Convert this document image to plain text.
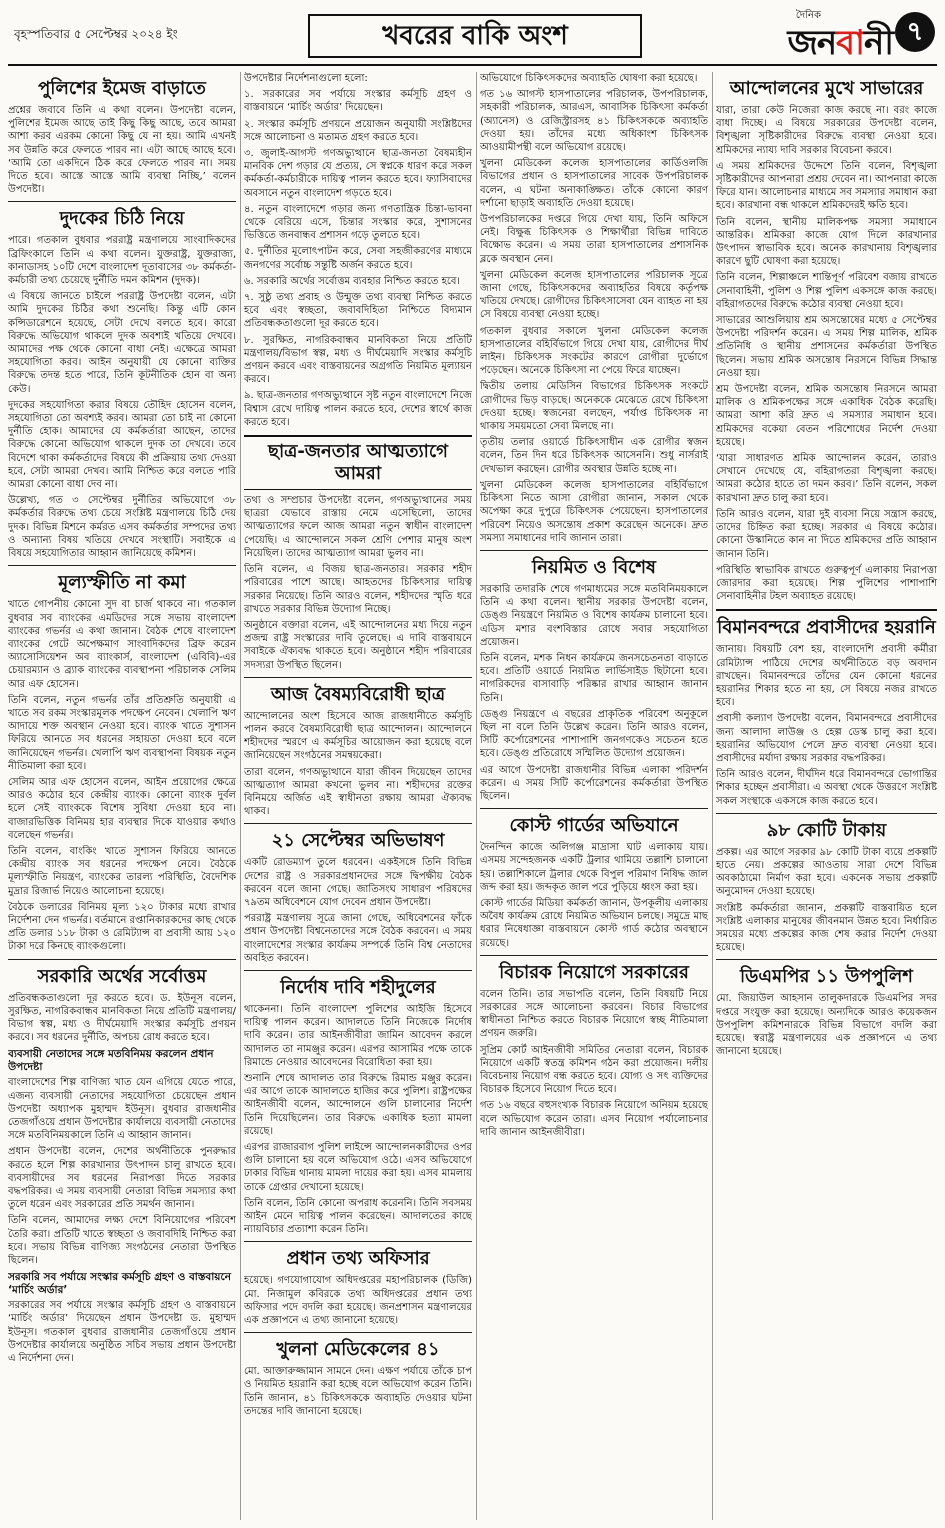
বৃহস্পতিবার ৫ সেপ্টেম্বর ২০২৪ ইং	খবরের বাকি অংশ
দৈনিক
জনবানী ৭
পুলিশের ইমেজ বাড়াতে

প্রশ্নের জবাবে তিনি এ কথা বলেন। উপদেষ্টা বলেন, পুলিশের ইমেজ আছে তাই কিছু কিছু আছে, তবে আমরা আশা করব এরকম কোনো কিছু যে না হয়। আমি এখনই সব উন্নতি করে ফেলতে পারব না। এটা আছে আছে হবে। ‘আমি তো একদিনে ঠিক করে ফেলতে পারব না। সময় দিতে হবে। আস্তে আস্তে আমি ব্যবস্থা নিচ্ছি,’ বলেন উপদেষ্টা।

দুদকের চিঠি নিয়ে

পারে। গতকাল বুধবার পররাষ্ট্র মন্ত্রণালয়ে সাংবাদিকদের ব্রিফিংকালে তিনি এ কথা বলেন। যুক্তরাষ্ট্র, যুক্তরাজ্য, কানাডাসহ ১০টি দেশে বাংলাদেশ দূতাবাসের ৩৮ কর্মকর্তা-কর্মচারী তথ্য চেয়েছে দুর্নীতি দমন কমিশন (দুদক)।

এ বিষয়ে জানতে চাইলে পররাষ্ট্র উপদেষ্টা বলেন, এটা আমি দুদকের চিঠির কথা শুনেছি। কিন্তু এটি কোন কন্সিডারেশনে হয়েছে, সেটা দেখে বলতে হবে। কারো বিরুদ্ধে অভিযোগ থাকলে দুদক অবশ্যই খতিয়ে দেখবে। আমাদের পক্ষ থেকে কোনো বাধা নেই। এক্ষেত্রে আমরা সহযোগিতা করব। আইন অনুযায়ী যে কোনো ব্যক্তির বিরুদ্ধে তদন্ত হতে পারে, তিনি কূটনীতিক হোন বা অন্য কেউ।

দুদকের সহযোগিতা করার বিষয়ে তৌহিদ হোসেন বলেন, সহযোগিতা তো অবশ্যই করব। আমরা তো চাই না কোনো দুর্নীতি হোক। আমাদের যে কর্মকর্তারা আছেন, তাদের বিরুদ্ধে কোনো অভিযোগ থাকলে দুদক তা দেখবে। তবে বিদেশে থাকা কর্মকর্তাদের বিষয়ে কী প্রক্রিয়ায় তথ্য দেওয়া হবে, সেটা আমরা দেখব। আমি নিশ্চিত করে বলতে পারি আমরা কোনো বাধা দেব না।

উল্লেখ্য, গত ৩ সেপ্টেম্বর দুর্নীতির অভিযোগে ৩৮ কর্মকর্তার বিরুদ্ধে তথ্য চেয়ে সংশ্লিষ্ট মন্ত্রণালয়ে চিঠি দেয় দুদক। বিভিন্ন মিশনে কর্মরত এসব কর্মকর্তার সম্পদের তথ্য ও অন্যান্য বিষয় খতিয়ে দেখবে সংস্থাটি। সবাইকে এ বিষয়ে সহযোগিতার আহ্বান জানিয়েছে কমিশন।

মূল্যস্ফীতি না কমা

খাতে গোপনীয় কোনো সুদ বা চার্জ থাকবে না। গতকাল বুধবার সব ব্যাংকের এমডিদের সঙ্গে সভায় বাংলাদেশ ব্যাংকের গভর্নর এ কথা জানান। বৈঠক শেষে বাংলাদেশ ব্যাংকের গেটে অপেক্ষমাণ সাংবাদিকদের ব্রিফ করেন অ্যাসোসিয়েশন অব ব্যাংকার্স, বাংলাদেশ (এবিবি)-এর চেয়ারম্যান ও ব্র্যাক ব্যাংকের ব্যবস্থাপনা পরিচালক সেলিম আর এফ হোসেন।

তিনি বলেন, নতুন গভর্নর তাঁর প্রতিশ্রুতি অনুযায়ী এ খাতে সব রকম সংস্কারমূলক পদক্ষেপ নেবেন। খেলাপি ঋণ আদায়ে শক্ত অবস্থান নেওয়া হবে। ব্যাংক খাতে সুশাসন ফিরিয়ে আনতে সব ধরনের সহায়তা দেওয়া হবে বলে জানিয়েছেন গভর্নর। খেলাপি ঋণ ব্যবস্থাপনা বিষয়ক নতুন নীতিমালা করা হবে।

সেলিম আর এফ হোসেন বলেন, আইন প্রয়োগের ক্ষেত্রে আরও কঠোর হবে কেন্দ্রীয় ব্যাংক। কোনো ব্যাংক দুর্বল হলে সেই ব্যাংককে বিশেষ সুবিধা দেওয়া হবে না। বাজারভিত্তিক বিনিময় হার ব্যবস্থার দিকে যাওয়ার কথাও বলেছেন গভর্নর।

তিনি বলেন, বাংকিং খাতে সুশাসন ফিরিয়ে আনতে কেন্দ্রীয় ব্যাংক সব ধরনের পদক্ষেপ নেবে। বৈঠকে মূল্যস্ফীতি নিয়ন্ত্রণ, ব্যাংকের তারল্য পরিস্থিতি, বৈদেশিক মুদ্রার রিজার্ভ নিয়েও আলোচনা হয়েছে।

বৈঠকে ডলারের বিনিময় মূল্য ১২০ টাকার মধ্যে রাখার নির্দেশনা দেন গভর্নর। বর্তমানে রপ্তানিকারকদের কাছ থেকে প্রতি ডলার ১১৮ টাকা ও রেমিট্যান্স বা প্রবাসী আয় ১২০ টাকা দরে কিনছে ব্যাংকগুলো।

সরকারি অর্থের সর্বোত্তম

প্রতিবন্ধকতাগুলো দূর করতে হবে। ড. ইউনূস বলেন, সুরক্ষিত, নাগরিকবান্ধব মানবিকতা নিয়ে প্রতিটি মন্ত্রণালয়/বিভাগ স্বল্প, মধ্য ও দীর্ঘমেয়াদি সংস্কার কর্মসূচি প্রণয়ন করবে। সব ধরনের দুর্নীতি, অপচয় রোধ করতে হবে।

ব্যবসায়ী নেতাদের সঙ্গে মতবিনিময় করলেন প্রধান উপদেষ্টা

বাংলাদেশের শিল্প বাণিজ্য খাত যেন এগিয়ে যেতে পারে, এজন্য ব্যবসায়ী নেতাদের সহযোগিতা চেয়েছেন প্রধান উপদেষ্টা অধ্যাপক মুহাম্মদ ইউনূস। বুধবার রাজধানীর তেজগাঁওয়ে প্রধান উপদেষ্টার কার্যালয়ে ব্যবসায়ী নেতাদের সঙ্গে মতবিনিময়কালে তিনি এ আহ্বান জানান।

প্রধান উপদেষ্টা বলেন, দেশের অর্থনীতিকে পুনরুদ্ধার করতে হলে শিল্প কারখানার উৎপাদন চালু রাখতে হবে। ব্যবসায়ীদের সব ধরনের নিরাপত্তা দিতে সরকার বদ্ধপরিকর। এ সময় ব্যবসায়ী নেতারা বিভিন্ন সমস্যার কথা তুলে ধরেন এবং সরকারের প্রতি সমর্থন জানান।

তিনি বলেন, আমাদের লক্ষ্য দেশে বিনিয়োগের পরিবেশ তৈরি করা। প্রতিটি খাতে স্বচ্ছতা ও জবাবদিহি নিশ্চিত করা হবে। সভায় বিভিন্ন বাণিজ্য সংগঠনের নেতারা উপস্থিত ছিলেন।

সরকারি সব পর্যায়ে সংস্কার কর্মসূচি গ্রহণ ও বাস্তবায়নে ‘মার্চিং অর্ডার’

সরকারের সব পর্যায়ে সংস্কার কর্মসূচি গ্রহণ ও বাস্তবায়নে ‘মার্চিং অর্ডার’ দিয়েছেন প্রধান উপদেষ্টা ড. মুহাম্মদ ইউনূস। গতকাল বুধবার রাজধানীর তেজগাঁওয়ে প্রধান উপদেষ্টার কার্যালয়ে অনুষ্ঠিত সচিব সভায় প্রধান উপদেষ্টা এ নির্দেশনা দেন।

উপদেষ্টার নির্দেশনাগুলো হলো:

১. সরকারের সব পর্যায়ে সংস্কার কর্মসূচি গ্রহণ ও বাস্তবায়নে ‘মার্চিং অর্ডার’ দিয়েছেন।

২. সংস্কার কর্মসূচি প্রণয়নে প্রয়োজন অনুযায়ী সংশ্লিষ্টদের সঙ্গে আলোচনা ও মতামত গ্রহণ করতে হবে।

৩. জুলাই-আগস্ট গণঅভ্যুত্থানে ছাত্র-জনতা বৈষম্যহীন মানবিক দেশ গড়ার যে প্রত্যয়, সে স্বপ্নকে ধারণ করে সকল কর্মকর্তা-কর্মচারীকে দায়িত্ব পালন করতে হবে। ফ্যাসিবাদের অবসানে নতুন বাংলাদেশ গড়তে হবে।

৪. নতুন বাংলাদেশে গড়ার জন্য গণতান্ত্রিক চিন্তা-ভাবনা থেকে বেরিয়ে এসে, চিন্তার সংস্কার করে, সুশাসনের ভিত্তিতে জনবান্ধব প্রশাসন গড়ে তুলতে হবে।

৫. দুর্নীতির মূলোৎপাটন করে, সেবা সহজীকরণের মাধ্যমে জনগণের সর্বোচ্চ সন্তুষ্টি অর্জন করতে হবে।

৬. সরকারি অর্থের সর্বোত্তম ব্যবহার নিশ্চিত করতে হবে।

৭. সুষ্ঠু তথ্য প্রবাহ ও উন্মুক্ত তথ্য ব্যবস্থা নিশ্চিত করতে হবে এবং স্বচ্ছতা, জবাবদিহিতা নিশ্চিতে বিদ্যমান প্রতিবন্ধকতাগুলো দূর করতে হবে।

৮. সুরক্ষিত, নাগরিকবান্ধব মানবিকতা নিয়ে প্রতিটি মন্ত্রণালয়/বিভাগ স্বল্প, মধ্য ও দীর্ঘমেয়াদি সংস্কার কর্মসূচি প্রণয়ন করবে এবং বাস্তবায়নের অগ্রগতি নিয়মিত মূল্যায়ন করবে।

৯. ছাত্র-জনতার গণঅভ্যুত্থানে সৃষ্ট নতুন বাংলাদেশে নিজে বিশ্বাস রেখে দায়িত্ব পালন করতে হবে, দেশের স্বার্থে কাজ করতে হবে।

ছাত্র-জনতার আত্মত্যাগে আমরা

তথ্য ও সম্প্রচার উপদেষ্টা বলেন, গণঅভ্যুত্থানের সময় ছাত্ররা যেভাবে রাস্তায় নেমে এসেছিলো, তাদের আত্মত্যাগের ফলে আজ আমরা নতুন স্বাধীন বাংলাদেশ পেয়েছি। এ আন্দোলনে সকল শ্রেণি পেশার মানুষ অংশ নিয়েছিল। তাদের আত্মত্যাগ আমরা ভুলব না।

তিনি বলেন, এ বিজয় ছাত্র-জনতার। সরকার শহীদ পরিবারের পাশে আছে। আহতদের চিকিৎসার দায়িত্ব সরকার নিয়েছে। তিনি আরও বলেন, শহীদদের স্মৃতি ধরে রাখতে সরকার বিভিন্ন উদ্যোগ নিচ্ছে।

অনুষ্ঠানে বক্তারা বলেন, এই আন্দোলনের মধ্য দিয়ে নতুন প্রজন্ম রাষ্ট্র সংস্কারের দাবি তুলেছে। এ দাবি বাস্তবায়নে সবাইকে ঐক্যবদ্ধ থাকতে হবে। অনুষ্ঠানে শহীদ পরিবারের সদস্যরা উপস্থিত ছিলেন।

আজ বৈষম্যবিরোধী ছাত্র

আন্দোলনের অংশ হিসেবে আজ রাজধানীতে কর্মসূচি পালন করবে বৈষম্যবিরোধী ছাত্র আন্দোলন। আন্দোলনে শহীদদের স্মরণে এ কর্মসূচির আয়োজন করা হয়েছে বলে জানিয়েছেন সংগঠনের সমন্বয়কেরা।

তারা বলেন, গণঅভ্যুত্থানে যারা জীবন দিয়েছেন তাদের আত্মত্যাগ আমরা কখনো ভুলব না। শহীদদের রক্তের বিনিময়ে অর্জিত এই স্বাধীনতা রক্ষায় আমরা ঐক্যবদ্ধ থাকব।

২১ সেপ্টেম্বর অভিভাষণ

একটি রোডম্যাপ তুলে ধরবেন। একইসঙ্গে তিনি বিভিন্ন দেশের রাষ্ট্র ও সরকারপ্রধানদের সঙ্গে দ্বিপক্ষীয় বৈঠক করবেন বলে জানা গেছে। জাতিসংঘ সাধারণ পরিষদের ৭৯তম অধিবেশনে যোগ দেবেন প্রধান উপদেষ্টা।

পররাষ্ট্র মন্ত্রণালয় সূত্রে জানা গেছে, অধিবেশনের ফাঁকে প্রধান উপদেষ্টা বিশ্বনেতাদের সঙ্গে বৈঠক করবেন। এ সময় বাংলাদেশের সংস্কার কার্যক্রম সম্পর্কে তিনি বিশ্ব নেতাদের অবহিত করবেন।

নির্দোষ দাবি শহীদুলের

থাকেননা। তিনি বাংলাদেশ পুলিশের আইজি হিসেবে দায়িত্ব পালন করেন। আদালতে তিনি নিজেকে নির্দোষ দাবি করেন। তার আইনজীবীরা জামিন আবেদন করলে আদালত তা নামঞ্জুর করেন। এরপর আসামির পক্ষে তাকে রিমান্ডে নেওয়ার আবেদনের বিরোধিতা করা হয়।

শুনানি শেষে আদালত তার বিরুদ্ধে রিমান্ড মঞ্জুর করেন। এর আগে তাকে আদালতে হাজির করে পুলিশ। রাষ্ট্রপক্ষের আইনজীবী বলেন, আন্দোলনে গুলি চালানোর নির্দেশ তিনি দিয়েছিলেন। তার বিরুদ্ধে একাধিক হত্যা মামলা রয়েছে।

এরপর রাজারবাগ পুলিশ লাইন্সে আন্দোলনকারীদের ওপর গুলি চালানো হয় বলে অভিযোগ ওঠে। এসব অভিযোগে ঢাকার বিভিন্ন থানায় মামলা দায়ের করা হয়। এসব মামলায় তাকে গ্রেপ্তার দেখানো হয়েছে।

তিনি বলেন, তিনি কোনো অপরাধ করেননি। তিনি সবসময় আইন মেনে দায়িত্ব পালন করেছেন। আদালতের কাছে ন্যায়বিচার প্রত্যাশা করেন তিনি।

প্রধান তথ্য অফিসার

হয়েছে। গণযোগাযোগ অধিদপ্তরের মহাপরিচালক (ডিজি) মো. নিজামুল কবিরকে তথ্য অধিদপ্তরের প্রধান তথ্য অফিসার পদে বদলি করা হয়েছে। জনপ্রশাসন মন্ত্রণালয়ের এক প্রজ্ঞাপনে এ তথ্য জানানো হয়েছে।

খুলনা মেডিকেলের ৪১

মো. আক্তারুজ্জামান সামনে দেন। এক্ষণ পর্যায়ে তাঁকে চাপ ও নিয়মিত হয়রানি করা হচ্ছে বলে অভিযোগ করেন তিনি। তিনি জানান, ৪১ চিকিৎসককে অব্যাহতি দেওয়ার ঘটনা তদন্তের দাবি জানানো হয়েছে।

অভিযোগে চিকিৎসকদের অব্যাহতি ঘোষণা করা হয়েছে।

গত ১৬ আগস্ট হাসপাতালের পরিচালক, উপপরিচালক, সহকারী পরিচালক, আরএস, আবাসিক চিকিৎসা কর্মকর্তা (অ্যানেস) ও রেজিস্ট্রারসহ ৪১ চিকিৎসককে অব্যাহতি দেওয়া হয়। তাঁদের মধ্যে অধিকাংশ চিকিৎসক আওয়ামীপন্থী বলে অভিযোগ রয়েছে।

খুলনা মেডিকেল কলেজ হাসপাতালের কার্ডিওলজি বিভাগের প্রধান ও হাসপাতালের সাবেক উপপরিচালক বলেন, এ ঘটনা অনাকাঙ্ক্ষিত। তাঁকে কোনো কারণ দর্শানো ছাড়াই অব্যাহতি দেওয়া হয়েছে।

উপপরিচালকের দপ্তরে গিয়ে দেখা যায়, তিনি অফিসে নেই। বিক্ষুব্ধ চিকিৎসক ও শিক্ষার্থীরা বিভিন্ন দাবিতে বিক্ষোভ করেন। এ সময় তারা হাসপাতালের প্রশাসনিক ব্লকে অবস্থান নেন।

খুলনা মেডিকেল কলেজ হাসপাতালের পরিচালক সূত্রে জানা গেছে, চিকিৎসকদের অব্যাহতির বিষয়ে কর্তৃপক্ষ খতিয়ে দেখছে। রোগীদের চিকিৎসাসেবা যেন ব্যাহত না হয় সে বিষয়ে ব্যবস্থা নেওয়া হচ্ছে।

গতকাল বুধবার সকালে খুলনা মেডিকেল কলেজ হাসপাতালের বহির্বিভাগে গিয়ে দেখা যায়, রোগীদের দীর্ঘ লাইন। চিকিৎসক সংকটের কারণে রোগীরা দুর্ভোগে পড়েছেন। অনেকে চিকিৎসা না পেয়ে ফিরে যাচ্ছেন।

দ্বিতীয় তলায় মেডিসিন বিভাগের চিকিৎসক সংকটে রোগীদের ভিড় বাড়ছে। অনেককে মেঝেতে রেখে চিকিৎসা দেওয়া হচ্ছে। স্বজনেরা বলছেন, পর্যাপ্ত চিকিৎসক না থাকায় সময়মতো সেবা মিলছে না।

তৃতীয় তলার ওয়ার্ডে চিকিৎসাধীন এক রোগীর স্বজন বলেন, তিন দিন ধরে চিকিৎসক আসেননি। শুধু নার্সরাই দেখভাল করছেন। রোগীর অবস্থার উন্নতি হচ্ছে না।

খুলনা মেডিকেল কলেজ হাসপাতালের বহির্বিভাগে চিকিৎসা নিতে আসা রোগীরা জানান, সকাল থেকে অপেক্ষা করে দুপুরে চিকিৎসক পেয়েছেন। হাসপাতালের পরিবেশ নিয়েও অসন্তোষ প্রকাশ করেছেন অনেকে। দ্রুত সমস্যা সমাধানের দাবি জানান তারা।

নিয়মিত ও বিশেষ

সরকারি তদারকি শেষে গণমাধ্যমের সঙ্গে মতবিনিময়কালে তিনি এ কথা বলেন। স্থানীয় সরকার উপদেষ্টা বলেন, ডেঙ্গু নিয়ন্ত্রণে নিয়মিত ও বিশেষ কার্যক্রম চালানো হবে। এডিস মশার বংশবিস্তার রোধে সবার সহযোগিতা প্রয়োজন।

তিনি বলেন, মশক নিধন কার্যক্রমে জনসচেতনতা বাড়াতে হবে। প্রতিটি ওয়ার্ডে নিয়মিত লার্ভিসাইড ছিটানো হবে। নাগরিকদের বাসাবাড়ি পরিষ্কার রাখার আহ্বান জানান তিনি।

ডেঙ্গু নিয়ন্ত্রণে এ বছরের প্রাকৃতিক পরিবেশ অনুকূলে ছিল না বলে তিনি উল্লেখ করেন। তিনি আরও বলেন, সিটি কর্পোরেশনের পাশাপাশি জনগণকেও সচেতন হতে হবে। ডেঙ্গু প্রতিরোধে সম্মিলিত উদ্যোগ প্রয়োজন।

এর আগে উপদেষ্টা রাজধানীর বিভিন্ন এলাকা পরিদর্শন করেন। এ সময় সিটি কর্পোরেশনের কর্মকর্তারা উপস্থিত ছিলেন।

কোস্ট গার্ডের অভিযানে

দৈনন্দিন কাজে অলিগঞ্জ মাদ্রাসা ঘাট এলাকায় যায়। এসময় সন্দেহজনক একটি ট্রলার থামিয়ে তল্লাশি চালানো হয়। তল্লাশিকালে ট্রলার থেকে বিপুল পরিমাণ নিষিদ্ধ জাল জব্দ করা হয়। জব্দকৃত জাল পরে পুড়িয়ে ধ্বংস করা হয়।

কোস্ট গার্ডের মিডিয়া কর্মকর্তা জানান, উপকূলীয় এলাকায় অবৈধ কার্যক্রম রোধে নিয়মিত অভিযান চলছে। সমুদ্রে মাছ ধরার নিষেধাজ্ঞা বাস্তবায়নে কোস্ট গার্ড কঠোর অবস্থানে রয়েছে।

বিচারক নিয়োগে সরকারের

বলেন তিনি। তার সভাপতি বলেন, তিনি বিষয়টি নিয়ে সরকারের সঙ্গে আলোচনা করবেন। বিচার বিভাগের স্বাধীনতা নিশ্চিত করতে বিচারক নিয়োগে স্বচ্ছ নীতিমালা প্রণয়ন জরুরি।

সুপ্রিম কোর্ট আইনজীবী সমিতির নেতারা বলেন, বিচারক নিয়োগে একটি স্বতন্ত্র কমিশন গঠন করা প্রয়োজন। দলীয় বিবেচনায় নিয়োগ বন্ধ করতে হবে। যোগ্য ও সৎ ব্যক্তিদের বিচারক হিসেবে নিয়োগ দিতে হবে।

গত ১৬ বছরে বহুসংখ্যক বিচারক নিয়োগে অনিয়ম হয়েছে বলে অভিযোগ করেন তারা। এসব নিয়োগ পর্যালোচনার দাবি জানান আইনজীবীরা।

আন্দোলনের মুখে সাভারের

যারা, তারা কেউ নিজেরা কাজ করছে না। বরং কাজে বাধা দিচ্ছে। এ বিষয়ে সরকারের উপদেষ্টা বলেন, বিশৃঙ্খলা সৃষ্টিকারীদের বিরুদ্ধে ব্যবস্থা নেওয়া হবে। শ্রমিকদের ন্যায্য দাবি সরকার বিবেচনা করবে।

এ সময় শ্রমিকদের উদ্দেশে তিনি বলেন, বিশৃঙ্খলা সৃষ্টিকারীদের আপনারা প্রশ্রয় দেবেন না। আপনারা কাজে ফিরে যান। আলোচনার মাধ্যমে সব সমস্যার সমাধান করা হবে। কারখানা বন্ধ থাকলে শ্রমিকদেরই ক্ষতি হবে।

তিনি বলেন, স্থানীয় মালিকপক্ষ সমস্যা সমাধানে আন্তরিক। শ্রমিকরা কাজে যোগ দিলে কারখানার উৎপাদন স্বাভাবিক হবে। অনেক কারখানায় বিশৃঙ্খলার কারণে ছুটি ঘোষণা করা হয়েছে।

তিনি বলেন, শিল্পাঞ্চলে শান্তিপূর্ণ পরিবেশ বজায় রাখতে সেনাবাহিনী, পুলিশ ও শিল্প পুলিশ একসঙ্গে কাজ করছে। বহিরাগতদের বিরুদ্ধে কঠোর ব্যবস্থা নেওয়া হবে।

সাভারের আশুলিয়ায় শ্রম অসন্তোষের মধ্যে ৫ সেপ্টেম্বর উপদেষ্টা পরিদর্শন করেন। এ সময় শিল্প মালিক, শ্রমিক প্রতিনিধি ও স্থানীয় প্রশাসনের কর্মকর্তারা উপস্থিত ছিলেন। সভায় শ্রমিক অসন্তোষ নিরসনে বিভিন্ন সিদ্ধান্ত নেওয়া হয়।

শ্রম উপদেষ্টা বলেন, শ্রমিক অসন্তোষ নিরসনে আমরা মালিক ও শ্রমিকপক্ষের সঙ্গে একাধিক বৈঠক করেছি। আমরা আশা করি দ্রুত এ সমস্যার সমাধান হবে। শ্রমিকদের বকেয়া বেতন পরিশোধের নির্দেশ দেওয়া হয়েছে।

‘যারা সাধারণত শ্রমিক আন্দোলন করেন, তারাও সেখানে দেখেছে যে, বহিরাগতরা বিশৃঙ্খলা করছে। আমরা কঠোর হাতে তা দমন করব।’ তিনি বলেন, সকল কারখানা দ্রুত চালু করা হবে।

তিনি আরও বলেন, যারা দুই ব্যবসা নিয়ে সন্ত্রাস করছে, তাদের চিহ্নিত করা হচ্ছে। সরকার এ বিষয়ে কঠোর। কোনো উস্কানিতে কান না দিতে শ্রমিকদের প্রতি আহ্বান জানান তিনি।

পরিস্থিতি স্বাভাবিক রাখতে গুরুত্বপূর্ণ এলাকায় নিরাপত্তা জোরদার করা হয়েছে। শিল্প পুলিশের পাশাপাশি সেনাবাহিনীর টহল অব্যাহত রয়েছে।

বিমানবন্দরে প্রবাসীদের হয়রানি

জানায়। বিষয়টি বেশ হয়, বাংলাদেশি প্রবাসী কর্মীরা রেমিট্যান্স পাঠিয়ে দেশের অর্থনীতিতে বড় অবদান রাখছেন। বিমানবন্দরে তাঁদের যেন কোনো ধরনের হয়রানির শিকার হতে না হয়, সে বিষয়ে নজর রাখতে হবে।

প্রবাসী কল্যাণ উপদেষ্টা বলেন, বিমানবন্দরে প্রবাসীদের জন্য আলাদা লাউঞ্জ ও হেল্প ডেস্ক চালু করা হবে। হয়রানির অভিযোগ পেলে দ্রুত ব্যবস্থা নেওয়া হবে। প্রবাসীদের মর্যাদা রক্ষায় সরকার বদ্ধপরিকর।

তিনি আরও বলেন, দীর্ঘদিন ধরে বিমানবন্দরে ভোগান্তির শিকার হচ্ছেন প্রবাসীরা। এ অবস্থা থেকে উত্তরণে সংশ্লিষ্ট সকল সংস্থাকে একসঙ্গে কাজ করতে হবে।

৯৮ কোটি টাকায়

প্রকল্প। এর আগে সরকার ৯৮ কোটি টাকা ব্যয়ে প্রকল্পটি হাতে নেয়। প্রকল্পের আওতায় সারা দেশে বিভিন্ন অবকাঠামো নির্মাণ করা হবে। একনেক সভায় প্রকল্পটি অনুমোদন দেওয়া হয়েছে।

সংশ্লিষ্ট কর্মকর্তারা জানান, প্রকল্পটি বাস্তবায়িত হলে সংশ্লিষ্ট এলাকার মানুষের জীবনমান উন্নত হবে। নির্ধারিত সময়ের মধ্যে প্রকল্পের কাজ শেষ করার নির্দেশ দেওয়া হয়েছে।

ডিএমপির ১১ উপপুলিশ

মো. জিয়াউল আহসান তালুকদারকে ডিএমপির সদর দপ্তরে সংযুক্ত করা হয়েছে। অন্যদিকে আরও কয়েকজন উপপুলিশ কমিশনারকে বিভিন্ন বিভাগে বদলি করা হয়েছে। স্বরাষ্ট্র মন্ত্রণালয়ের এক প্রজ্ঞাপনে এ তথ্য জানানো হয়েছে।
